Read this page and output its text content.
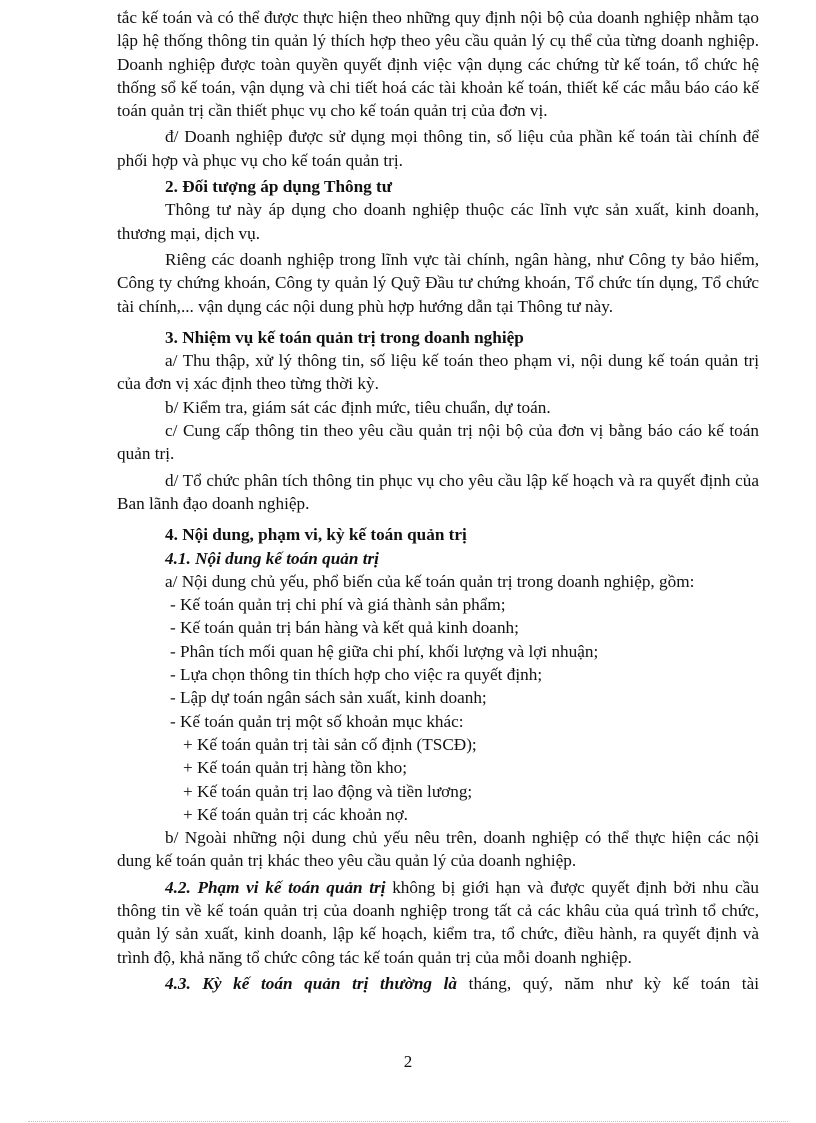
tắc kế toán và có thể được thực hiện theo những quy định nội bộ của doanh nghiệp nhằm tạo lập hệ thống thông tin quản lý thích hợp theo yêu cầu quản lý cụ thể của từng doanh nghiệp. Doanh nghiệp được toàn quyền quyết định việc vận dụng các chứng từ kế toán, tổ chức hệ thống sổ kế toán, vận dụng và chi tiết hoá các tài khoản kế toán, thiết kế các mẫu báo cáo kế toán quản trị cần thiết phục vụ cho kế toán quản trị của đơn vị.

đ/ Doanh nghiệp được sử dụng mọi thông tin, số liệu của phần kế toán tài chính để phối hợp và phục vụ cho kế toán quản trị.

2. Đối tượng áp dụng Thông tư

Thông tư này áp dụng cho doanh nghiệp thuộc các lĩnh vực sản xuất, kinh doanh, thương mại, dịch vụ.

Riêng các doanh nghiệp trong lĩnh vực tài chính, ngân hàng, như Công ty bảo hiểm, Công ty chứng khoán, Công ty quản lý Quỹ Đầu tư chứng khoán, Tổ chức tín dụng, Tổ chức tài chính,... vận dụng các nội dung phù hợp hướng dẫn tại Thông tư này.

3. Nhiệm vụ kế toán quản trị trong doanh nghiệp

a/ Thu thập, xử lý thông tin, số liệu kế toán theo phạm vi, nội dung kế toán quản trị của đơn vị xác định theo từng thời kỳ.

b/ Kiểm tra, giám sát các định mức, tiêu chuẩn, dự toán.

c/ Cung cấp thông tin theo yêu cầu quản trị nội bộ của đơn vị bằng báo cáo kế toán quản trị.

d/ Tổ chức phân tích thông tin phục vụ cho yêu cầu lập kế hoạch và ra quyết định của Ban lãnh đạo doanh nghiệp.

4. Nội dung, phạm vi, kỳ kế toán quản trị

4.1. Nội dung kế toán quản trị

a/ Nội dung chủ yếu, phổ biến của kế toán quản trị trong doanh nghiệp, gồm:

- Kế toán quản trị chi phí và giá thành sản phẩm;

- Kế toán quản trị bán hàng và kết quả kinh doanh;

- Phân tích mối quan hệ giữa chi phí, khối lượng và lợi nhuận;

- Lựa chọn thông tin thích hợp cho việc ra quyết định;

- Lập dự toán ngân sách sản xuất, kinh doanh;

- Kế toán quản trị một số khoản mục khác:

+ Kế toán quản trị tài sản cố định (TSCĐ);

+ Kế toán quản trị hàng tồn kho;

+ Kế toán quản trị lao động và tiền lương;

+ Kế toán quản trị các khoản nợ.

b/ Ngoài những nội dung chủ yếu nêu trên, doanh nghiệp có thể thực hiện các nội dung kế toán quản trị khác theo yêu cầu quản lý của doanh nghiệp.

4.2. Phạm vi kế toán quản trị không bị giới hạn và được quyết định bởi nhu cầu thông tin về kế toán quản trị của doanh nghiệp trong tất cả các khâu của quá trình tổ chức, quản lý sản xuất, kinh doanh, lập kế hoạch, kiểm tra, tổ chức, điều hành, ra quyết định và trình độ, khả năng tổ chức công tác kế toán quản trị của mỗi doanh nghiệp.

4.3. Kỳ kế toán quản trị thường là tháng, quý, năm như kỳ kế toán tài

2
